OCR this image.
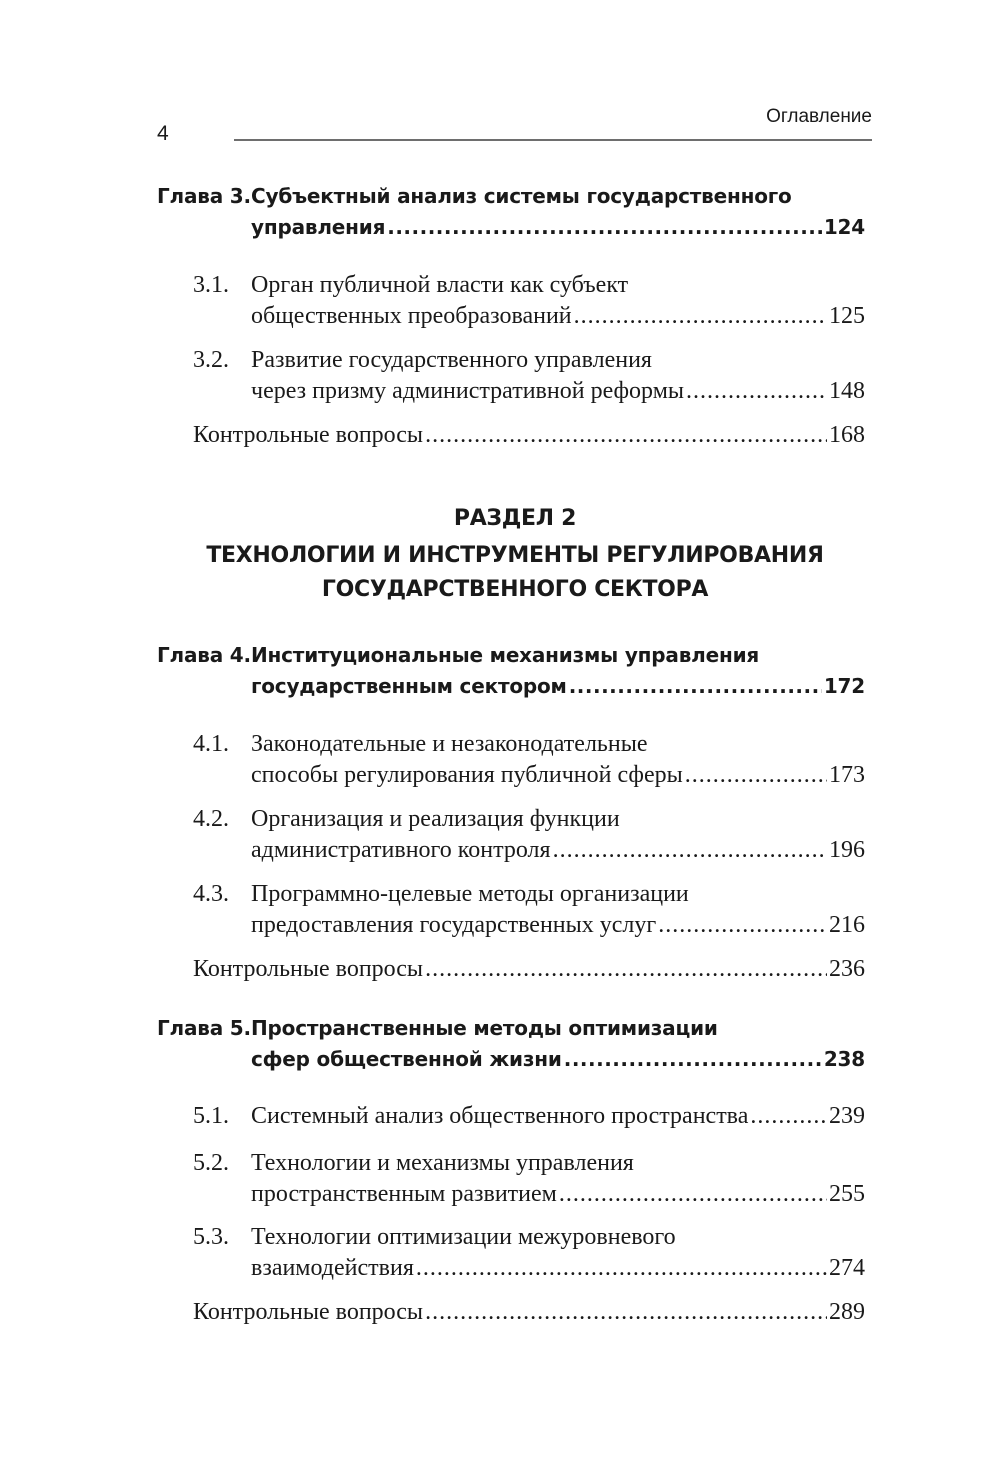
4
Оглавление
Глава 3. Субъектный анализ системы государственного
управления .....	124
3.1. Орган публичной власти как субъект
общественных преобразований .....	125
3.2. Развитие государственного управления
через призму административной реформы .....	148
Контрольные вопросы .....	168
РАЗДЕЛ 2
ТЕХНОЛОГИИ И ИНСТРУМЕНТЫ РЕГУЛИРОВАНИЯ
ГОСУДАРСТВЕННОГО СЕКТОРА
Глава 4. Институциональные механизмы управления
государственным сектором .....	172
4.1. Законодательные и незаконодательные
способы регулирования публичной сферы .....	173
4.2. Организация и реализация функции
административного контроля .....	196
4.3. Программно-целевые методы организации
предоставления государственных услуг .....	216
Контрольные вопросы .....	236
Глава 5. Пространственные методы оптимизации
сфер общественной жизни .....	238
5.1. Системный анализ общественного пространства .....	239
5.2. Технологии и механизмы управления
пространственным развитием .....	255
5.3. Технологии оптимизации межуровневого
взаимодействия .....	274
Контрольные вопросы .....	289
